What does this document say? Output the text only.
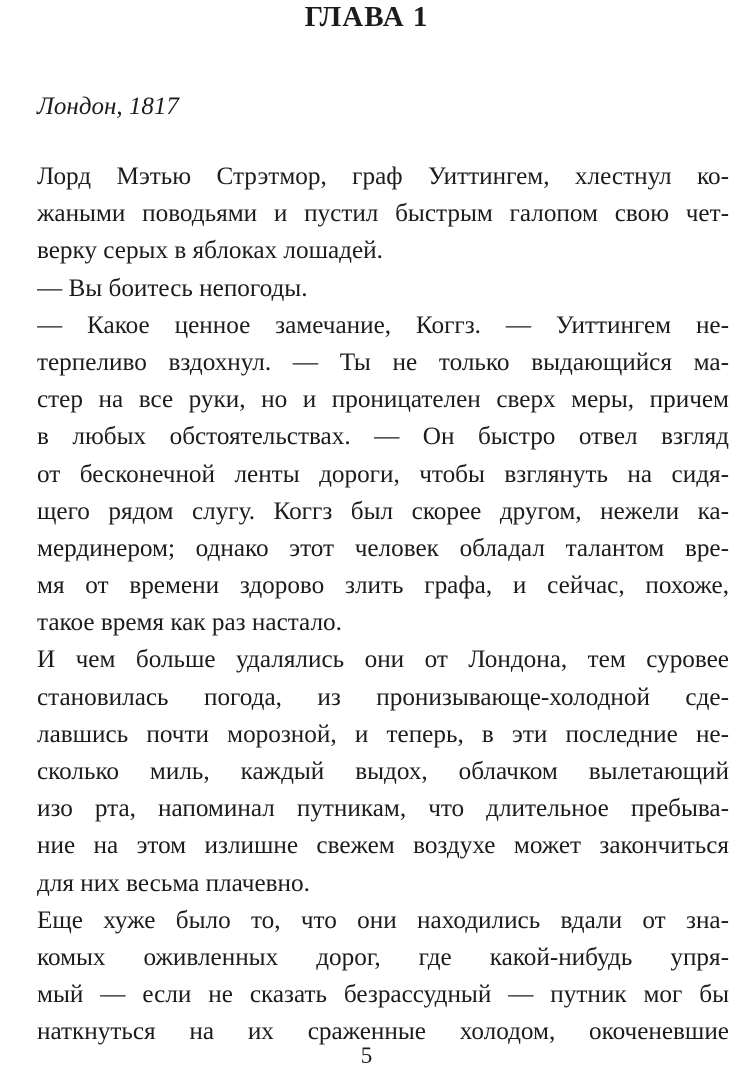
ГЛАВА 1

Лондон, 1817

Лорд Мэтью Стрэтмор, граф Уиттингем, хлестнул ко-
жаными поводьями и пустил быстрым галопом свою чет-
верку серых в яблоках лошадей.

— Вы боитесь непогоды.

— Какое ценное замечание, Коггз. — Уиттингем не-
терпеливо вздохнул. — Ты не только выдающийся ма-
стер на все руки, но и проницателен сверх меры, причем
в любых обстоятельствах. — Он быстро отвел взгляд
от бесконечной ленты дороги, чтобы взглянуть на сидя-
щего рядом слугу. Коггз был скорее другом, нежели ка-
мердинером; однако этот человек обладал талантом вре-
мя от времени здорово злить графа, и сейчас, похоже,
такое время как раз настало.

И чем больше удалялись они от Лондона, тем суровее
становилась погода, из пронизывающе-холодной сде-
лавшись почти морозной, и теперь, в эти последние не-
сколько миль, каждый выдох, облачком вылетающий
изо рта, напоминал путникам, что длительное пребыва-
ние на этом излишне свежем воздухе может закончиться
для них весьма плачевно.

Еще хуже было то, что они находились вдали от зна-
комых оживленных дорог, где какой-нибудь упря-
мый — если не сказать безрассудный — путник мог бы
наткнуться на их сраженные холодом, окоченевшие

5
